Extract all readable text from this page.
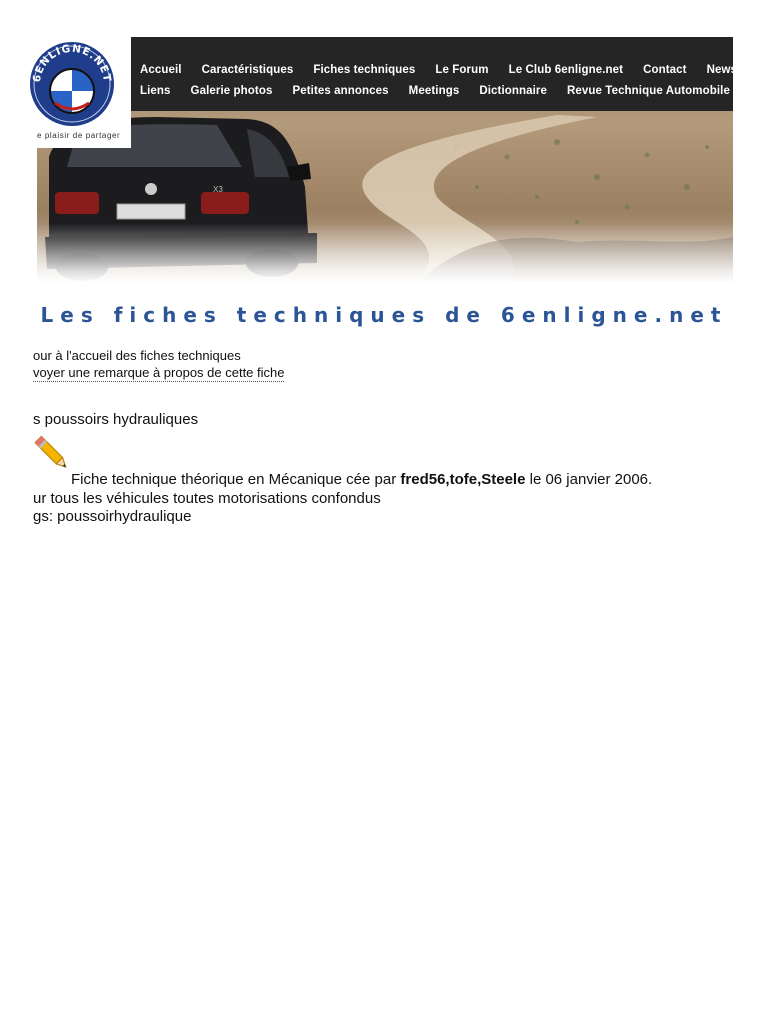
X3
Accueil Caractéristiques Fiches techniques Le Forum Le Club 6enligne.net Contact News
Liens Galerie photos Petites annonces Meetings Dictionnaire Revue Technique Automobile (ET
6ENLIGNE.NET
e plaisir de partager
Les fiches techniques de 6enligne.net
our à l'accueil des fiches techniques
voyer une remarque à propos de cette fiche
s poussoirs hydrauliques
Fiche technique théorique en Mécanique cée par fred56,tofe,Steele le 06 janvier 2006.
ur tous les véhicules toutes motorisations confondus
gs: poussoirhydraulique
